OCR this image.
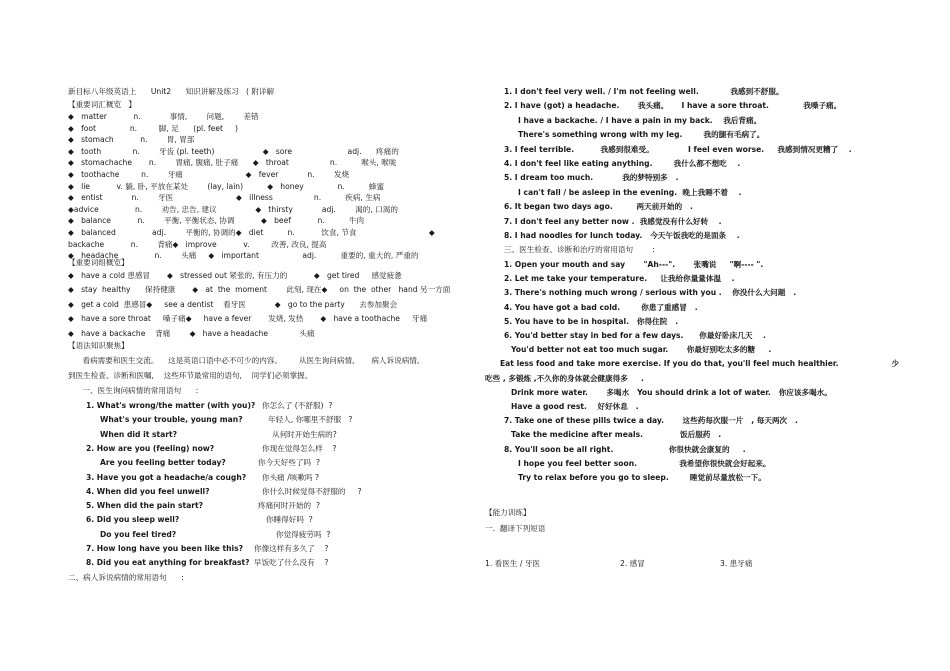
新目标八年级英语上      Unit2      知识讲解及练习   ( 附详解
【重要词汇概览   】
◆   matter           n.            事情,        问题,        差错
◆   foot              n.         脚, 足      (pl. feet     )
◆   stomach           n.        胃, 胃部
◆   tooth             n.        牙齿 (pl. teeth)                    ◆   sore                       adj.      疼痛的
◆   stomachache       n.        胃痛, 腹痛, 肚子痛      ◆   throat                 n.          喉头, 喉咙
◆   toothache         n.        牙痛                          ◆   fever            n.        发烧
◆   lie           v. 躺, 卧, 平放在某处        (lay, lain)          ◆   honey              n.          蜂蜜
◆   entist            n.        牙医                          ◆   illness                 n.          疾病, 生病
◆advice               n.        劝告, 忠告, 建议                ◆   thirsty            adj.        渴的, 口渴的
◆   balance           n.        平衡, 平衡状态, 协调           ◆   beef           n.          牛肉
◆   balanced               adj.        平衡的, 协调的◆   diet          n.           饮食, 节食                              ◆
backache           n.        背痛◆   improve           v.         改善, 改良, 提高
◆   headache               n.        头痛     ◆   important                  adj.          重要的, 重大的, 严重的
【重要词组概览】
◆   have a cold 患感冒       ◆   stressed out 紧张的, 有压力的           ◆   get tired     感觉疲惫
◆   stay  healthy      保持健康       ◆   at  the  moment        此刻, 现在◆     on  the  other   hand 另一方面
◆   get a cold  患感冒◆     see a dentist    看牙医            ◆   go to the party      去参加聚会
◆   have a sore throat     嗓子痛◆     have a fever       发烧, 发热       ◆   have a toothache     牙痛
◆   have a backache    背痛        ◆   have a headache             头痛
【语法知识聚焦】
看病需要和医生交流。    这是英语口语中必不可少的内容。       从医生询问病情,       病人诉说病情,
到医生检查、诊断和医嘱,    这些环节最常用的语句,    同学们必须掌握。
一、医生询问病情的常用语句      :
1. What's wrong/the matter (with you)? 你怎么了 (不舒服)  ?
What's your trouble, young man?	年轻人, 你哪里不舒服   ?
When did it start?	从何时开始生病的?
2. How are you (feeling) now?	你现在觉得怎么样    ?
Are you feeling better today?	你今天好些了吗  ?
3. Have you got a headache/a cough? 你头痛 /咳嗽吗 ?
4. When did you feel unwell?	你什么时候觉得不舒服的     ?
5. When did the pain start?	疼痛何时开始的  ?
6. Did you sleep well?	你睡得好吗  ?
Do you feel tired?	你觉得疲劳吗  ?
7. How long have you been like this? 你像这样有多久了    ?
8. Did you eat anything for breakfast? 早饭吃了什么没有    ?
二、病人诉说病情的常用语句      :
1. I don't feel very well. / I'm not feeling well.            我感到不舒服。
2. I have (got) a headache.       我头痛。     I have a sore throat.             我嗓子痛。
I have a backache. / I have a pain in my back.    我后背痛。
There's something wrong with my leg.        我的腿有毛病了。
3. I feel terrible.          我感到很难受。             I feel even worse.     我感到情况更糟了    .
4. I don't feel like eating anything.        我什么都不想吃    .
5. I dream too much.           我的梦特别多   .
I can't fall / be asleep in the evening.  晚上我睡不着    .
6. It began two days ago.         两天前开始的   .
7. I don't feel any better now .  我感觉没有什么好转    .
8. I had noodles for lunch today.   今天午饭我吃的是面条    .
三、医生检查、诊断和治疗的常用语句        :
1. Open your mouth and say       "Ah---".       张嘴说     "啊---- ".
2. Let me take your temperature.     让我给你量量体温    .
3. There's nothing much wrong / serious with you .    你没什么大问题   .
4. You have got a bad cold.        你患了重感冒   .
5. You have to be in hospital.   你得住院   .
6. You'd better stay in bed for a few days.      你最好卧床几天    .
You'd better not eat too much sugar.       你最好别吃太多的糖     .
Eat less food and take more exercise. If you do that, you'll feel much healthier.                    少
吃些 , 多锻炼 ,不久你的身体就会健康得多     .
Drink more water.       多喝水   You should drink a lot of water.   你应该多喝水。
Have a good rest.    好好休息   .
7. Take one of these pills twice a day.       这些药每次服一片   , 每天两次   .
Take the medicine after meals.              饭后服药   .
8. You'll soon be all right.                     你很快就会康复的     .
I hope you feel better soon.                我希望你很快就会好起来。
Try to relax before you go to sleep.        睡觉前尽量放松一下。
【能力训练】
一.  翻译下列短语
1. 看医生 / 牙医	2. 感冒	3. 患牙痛
